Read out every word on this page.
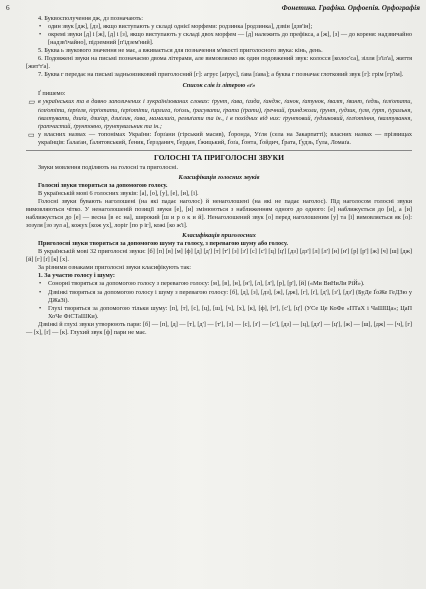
6	Фонетика. Графіка. Орфоепія. Орфографія

4. Буквосполучення дж, дз позначають:

• один звук [дж], [дз], якщо виступають у складі однієї морфеми: родзинка [родзинка], дзвін [дзв'ін];

• окремі звуки [д] і [ж], [д] і [з], якщо виступають у складі двох морфем — [д] належить до префікса, а [ж], [з] — до кореня: надзвичайно [надзв'ічайно], підземний [п'ідзем'ний].

5. Буква ь звукового значення не має, а вживається для позначення м'якості приголосного звука: кінь, день.

6. Подовжені звуки на письмі позначаємо двома літерами, але вимовляємо як один подовжений звук: колосся [колос'са], зілля [з'іл'а], життя [жит'т'а].

7. Буква г передає на письмі задньоязиковий приголосний [г]: агрус [аґрус], ґава [ґава]; а буква г позначає глотковий звук [г]: грім [гр'ім].

Список слів із літерою «ґ»

Ґ пишемо:

▭ в українських та в давно запозичених і зукраїнізованих словах: ґрунт, ґава, ґазда, ґандж, ґанок, ґатунок, ґвалт, ґвинт, ґедзь, ґелґотати, ґелґотіти, ґерґеля, ґерґотати, ґерґотіти, ґирлига, ґоґоль, ґрасувати, ґрата (ґрати), ґречний, ґринджоли, ґрунт, ґудзик, ґуля, ґурт, ґуральня, ґвалтувати, дзиґа, дзиґар, дзиґлик, ґава, мамалиґа, ремиґати та ін., і в похідних від них: ґрунтовий, ґудзиковий, ґелґотіння, ґвалтування, ґратчастий, ґрунтовно, ґрунтувальник та ін.;

▭ у власних назвах — топонімах України: Ґорґани (гірський масив), Ґоронда, Уґля (села на Закарпатті); власних назвах — прізвищах українців: Ґалаґан, Ґалятовський, Ґеник, Ґерзданич, Ґердан, Ґжицький, Ґоґа, Ґонта, Ґойдич, Ґрата, Ґудзь, Ґула, Ломаґа.

ГОЛОСНІ ТА ПРИГОЛОСНІ ЗВУКИ

Звуки мовлення поділяють на голосні та приголосні.

Класифікація голосних звуків

Голосні звуки творяться за допомогою голосу.

В українській мові 6 голосних звуків: [а], [о], [у], [е], [и], [і].

Голосні звуки бувають наголошені (на які падає наголос) й ненаголошені (на які не падає наголос). Під наголосом голосні звуки вимовляються чітко. У ненаголошеній позиції звуки [е], [и] змінюються з наближенням одного до одного: [е] наближується до [и], а [и] наближується до [е] — весна [в ес на], широкий [ш и р о к и й]. Ненаголошений звук [о] перед наголошеним [у] та [і] вимовляється як [о]: зозуля [зо зул а], кожух [кож ух], лоріг [по р іг], кожі [ко ж'і].

Класифікація приголосних

Приголосні звуки творяться за допомогою шуму та голосу, з перевагою шуму або голосу.

В українській мові 32 приголосні звуки: [б] [п] [в] [м] [ф] [д] [д'] [т] [т'] [з] [з'] [с] [с'] [ц] [ц'] [дз] [дз'] [л] [л'] [н] [н'] [р] [р'] [ж] [ч] [ш] [дж] [й] [г] [ґ] [к] [х].

За різними ознаками приголосні звуки класифікують так:

1. За участю голосу і шуму:

• Сонорні творяться за допомогою голосу з перевагою голосу: [м], [в], [н], [н'], [л], [л'], [р], [р'], [й] («Ми ВиНиЛи РіЙ»).

• Дзвінкі творяться за допомогою голосу і шуму з перевагою голосу: [б], [д], [з], [дз], [ж], [дж], [г], [ґ], [д'], [з'], [дз'] (БуДе ҐоЖе ГеДЗю у ДЖаЗі).

• Глухі творяться за допомогою тільки шуму: [п], [т], [с], [ц], [ш], [ч], [х], [к], [ф], [т'], [с'], [ц'] (УСе Це КоФе «ПТаХ і ЧаШЩа»; ЦаП ХоЧе ФіСТаШКи).

Дзвінкі й глухі звуки утворюють пари: [б] — [п], [д] — [т], [д'] — [т'], [з] — [с], [з'] — [с'], [дз] — [ц], [дз'] — [ц'], [ж] — [ш], [дж] — [ч], [г] — [х], [ґ] — [к]. Глухий звук [ф] пари не має.
